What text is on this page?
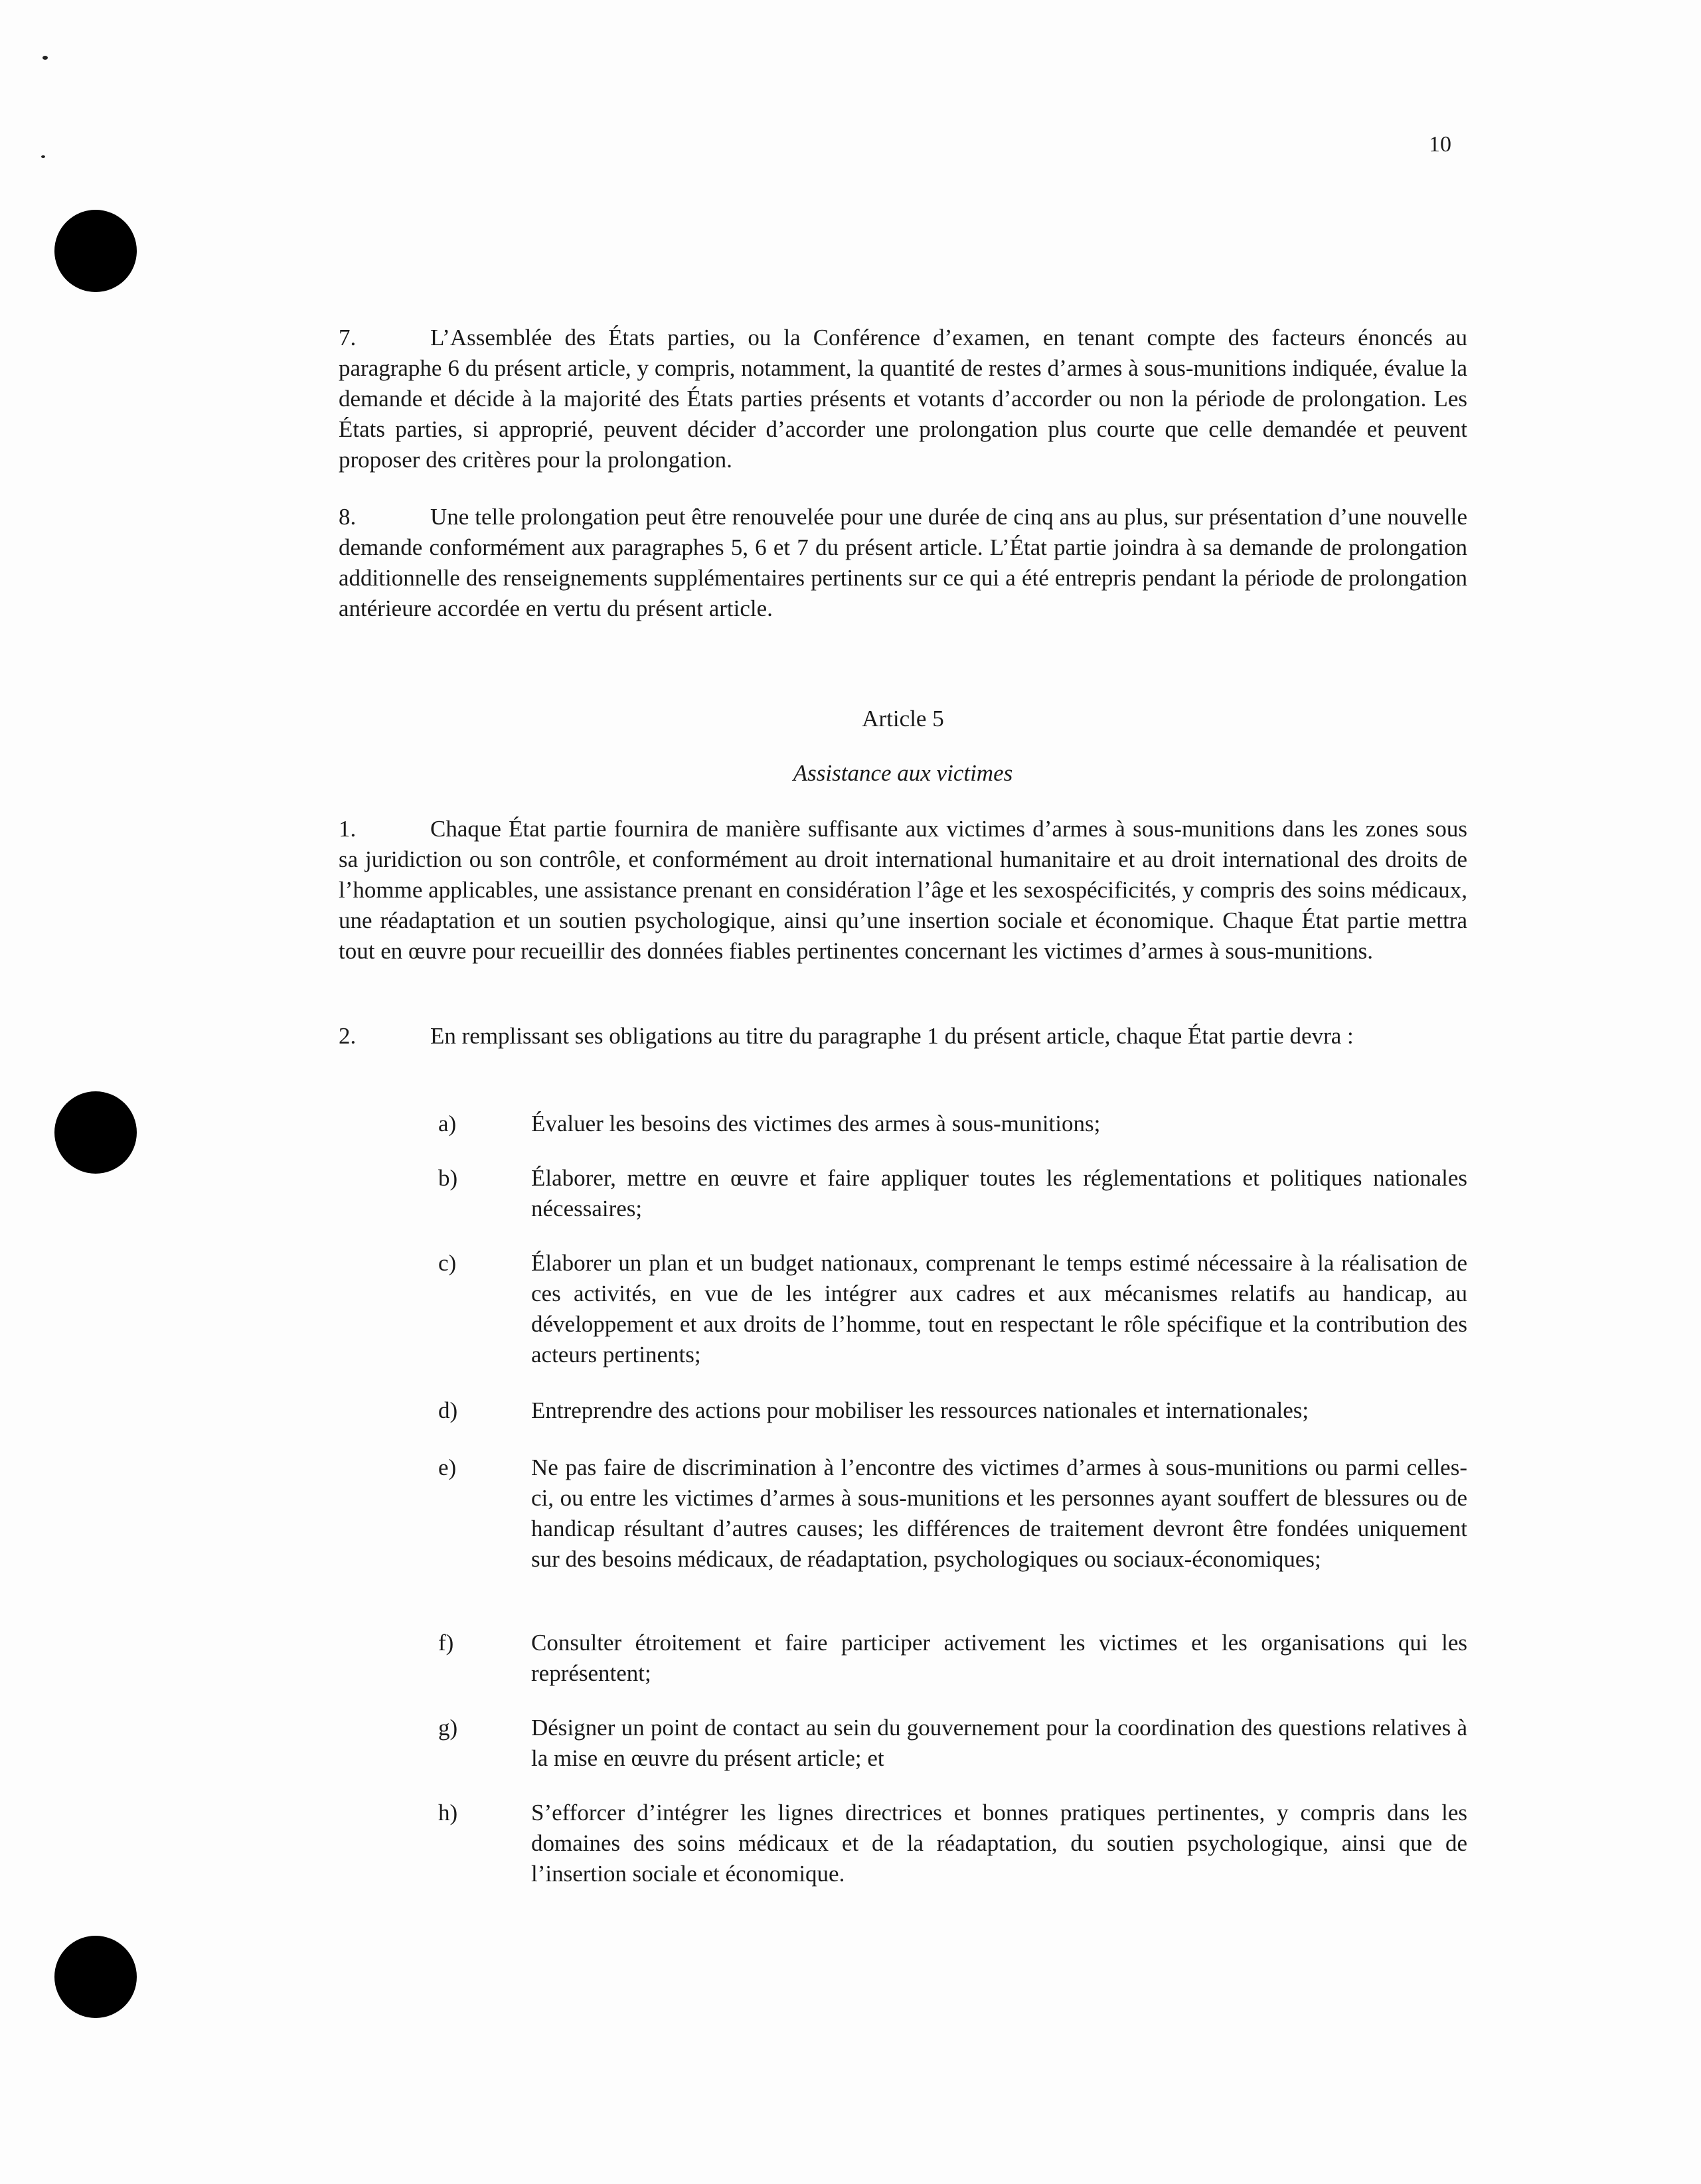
10

7.	L’Assemblée des États parties, ou la Conférence d’examen, en tenant compte des facteurs énoncés au paragraphe 6 du présent article, y compris, notamment, la quantité de restes d’armes à sous-munitions indiquée, évalue la demande et décide à la majorité des États parties présents et votants d’accorder ou non la période de prolongation. Les États parties, si approprié, peuvent décider d’accorder une prolongation plus courte que celle demandée et peuvent proposer des critères pour la prolongation.

8.	Une telle prolongation peut être renouvelée pour une durée de cinq ans au plus, sur présentation d’une nouvelle demande conformément aux paragraphes 5, 6 et 7 du présent article. L’État partie joindra à sa demande de prolongation additionnelle des renseignements supplémentaires pertinents sur ce qui a été entrepris pendant la période de prolongation antérieure accordée en vertu du présent article.

Article 5
Assistance aux victimes

1.	Chaque État partie fournira de manière suffisante aux victimes d’armes à sous-munitions dans les zones sous sa juridiction ou son contrôle, et conformément au droit international humanitaire et au droit international des droits de l’homme applicables, une assistance prenant en considération l’âge et les sexospécificités, y compris des soins médicaux, une réadaptation et un soutien psychologique, ainsi qu’une insertion sociale et économique. Chaque État partie mettra tout en œuvre pour recueillir des données fiables pertinentes concernant les victimes d’armes à sous-munitions.

2.	En remplissant ses obligations au titre du paragraphe 1 du présent article, chaque État partie devra :

a)	Évaluer les besoins des victimes des armes à sous-munitions;
b)	Élaborer, mettre en œuvre et faire appliquer toutes les réglementations et politiques nationales nécessaires;
c)	Élaborer un plan et un budget nationaux, comprenant le temps estimé nécessaire à la réalisation de ces activités, en vue de les intégrer aux cadres et aux mécanismes relatifs au handicap, au développement et aux droits de l’homme, tout en respectant le rôle spécifique et la contribution des acteurs pertinents;
d)	Entreprendre des actions pour mobiliser les ressources nationales et internationales;
e)	Ne pas faire de discrimination à l’encontre des victimes d’armes à sous-munitions ou parmi celles-ci, ou entre les victimes d’armes à sous-munitions et les personnes ayant souffert de blessures ou de handicap résultant d’autres causes; les différences de traitement devront être fondées uniquement sur des besoins médicaux, de réadaptation, psychologiques ou sociaux-économiques;
f)	Consulter étroitement et faire participer activement les victimes et les organisations qui les représentent;
g)	Désigner un point de contact au sein du gouvernement pour la coordination des questions relatives à la mise en œuvre du présent article; et
h)	S’efforcer d’intégrer les lignes directrices et bonnes pratiques pertinentes, y compris dans les domaines des soins médicaux et de la réadaptation, du soutien psychologique, ainsi que de l’insertion sociale et économique.
